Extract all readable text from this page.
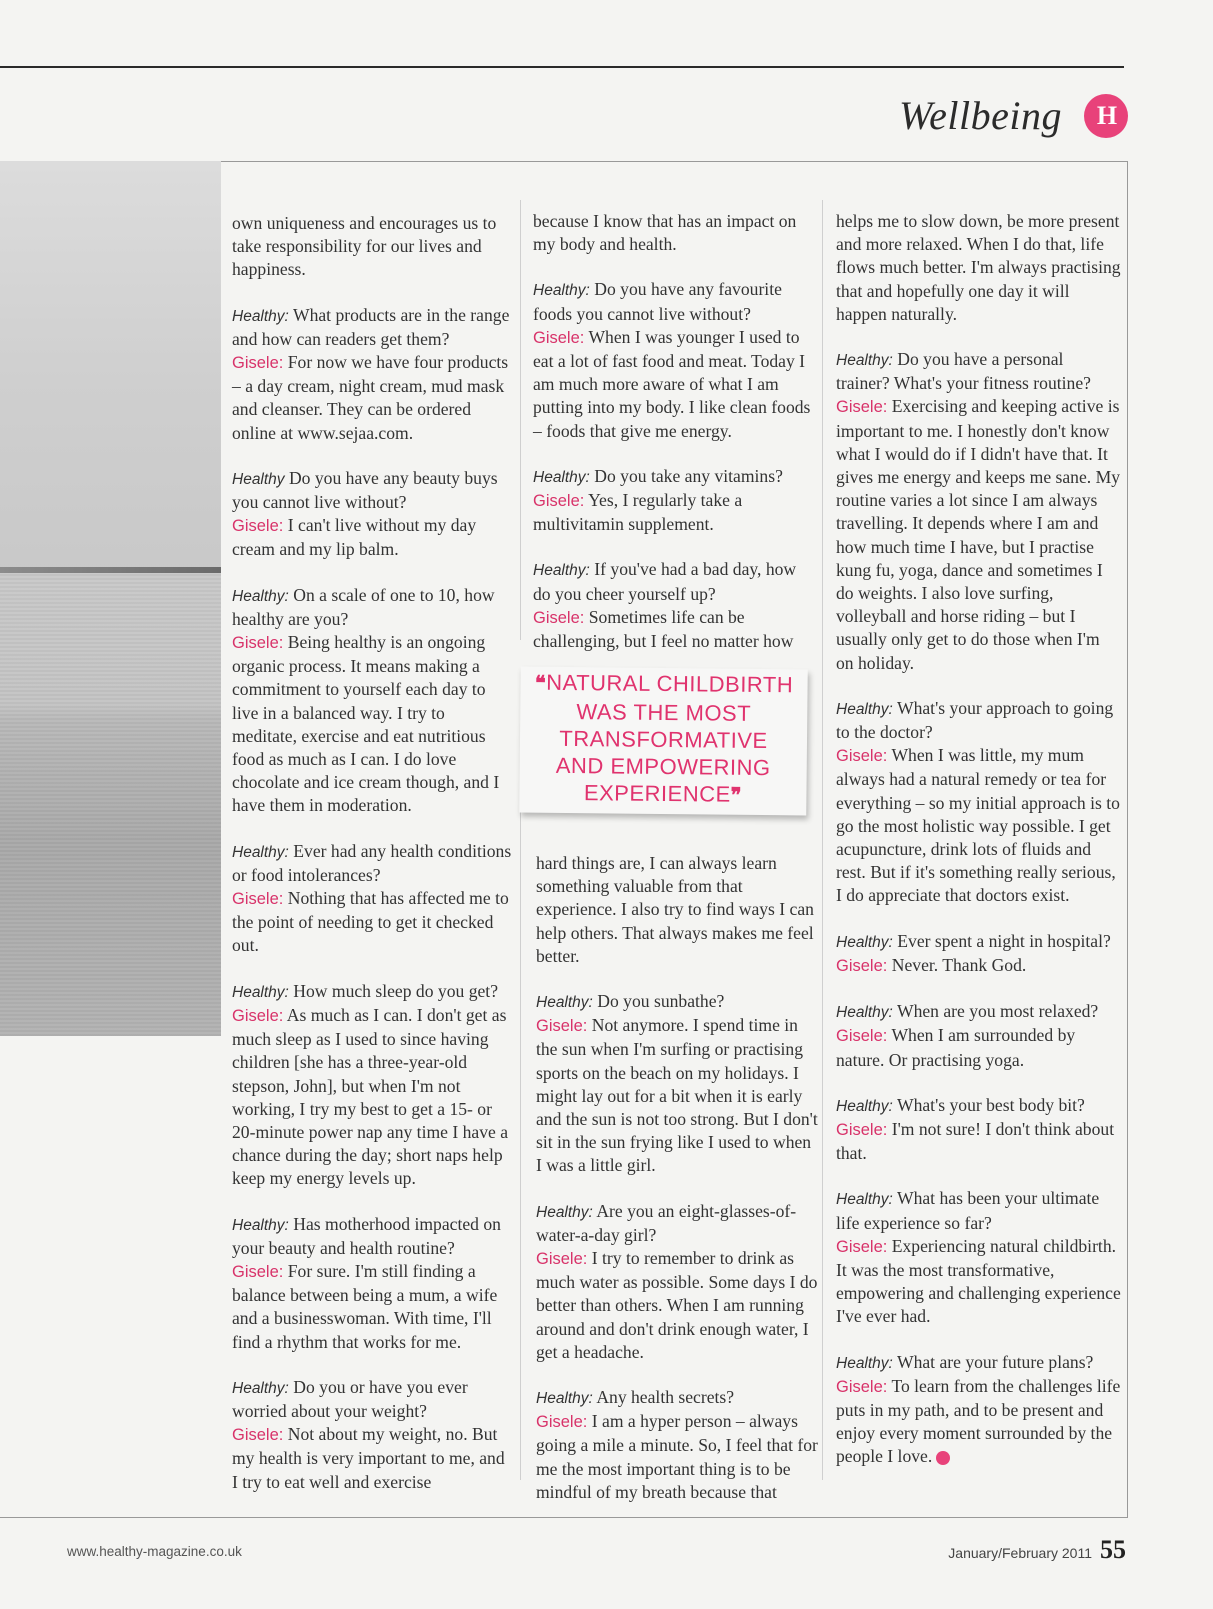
Wellbeing H

own uniqueness and encourages us to take responsibility for our lives and happiness.

Healthy: What products are in the range and how can readers get them?
Gisele: For now we have four products – a day cream, night cream, mud mask and cleanser. They can be ordered online at www.sejaa.com.

Healthy Do you have any beauty buys you cannot live without?
Gisele: I can't live without my day cream and my lip balm.

Healthy: On a scale of one to 10, how healthy are you?
Gisele: Being healthy is an ongoing organic process. It means making a commitment to yourself each day to live in a balanced way. I try to meditate, exercise and eat nutritious food as much as I can. I do love chocolate and ice cream though, and I have them in moderation.

Healthy: Ever had any health conditions or food intolerances?
Gisele: Nothing that has affected me to the point of needing to get it checked out.

Healthy: How much sleep do you get?
Gisele: As much as I can. I don't get as much sleep as I used to since having children [she has a three-year-old stepson, John], but when I'm not working, I try my best to get a 15- or 20-minute power nap any time I have a chance during the day; short naps help keep my energy levels up.

Healthy: Has motherhood impacted on your beauty and health routine?
Gisele: For sure. I'm still finding a balance between being a mum, a wife and a businesswoman. With time, I'll find a rhythm that works for me.

Healthy: Do you or have you ever worried about your weight?
Gisele: Not about my weight, no. But my health is very important to me, and I try to eat well and exercise

because I know that has an impact on my body and health.

Healthy: Do you have any favourite foods you cannot live without?
Gisele: When I was younger I used to eat a lot of fast food and meat. Today I am much more aware of what I am putting into my body. I like clean foods – foods that give me energy.

Healthy: Do you take any vitamins?
Gisele: Yes, I regularly take a multivitamin supplement.

Healthy: If you've had a bad day, how do you cheer yourself up?
Gisele: Sometimes life can be challenging, but I feel no matter how

❝NATURAL CHILDBIRTH
WAS THE MOST
TRANSFORMATIVE
AND EMPOWERING
EXPERIENCE❞

hard things are, I can always learn something valuable from that experience. I also try to find ways I can help others. That always makes me feel better.

Healthy: Do you sunbathe?
Gisele: Not anymore. I spend time in the sun when I'm surfing or practising sports on the beach on my holidays. I might lay out for a bit when it is early and the sun is not too strong. But I don't sit in the sun frying like I used to when I was a little girl.

Healthy: Are you an eight-glasses-of-water-a-day girl?
Gisele: I try to remember to drink as much water as possible. Some days I do better than others. When I am running around and don't drink enough water, I get a headache.

Healthy: Any health secrets?
Gisele: I am a hyper person – always going a mile a minute. So, I feel that for me the most important thing is to be mindful of my breath because that

helps me to slow down, be more present and more relaxed. When I do that, life flows much better. I'm always practising that and hopefully one day it will happen naturally.

Healthy: Do you have a personal trainer? What's your fitness routine?
Gisele: Exercising and keeping active is important to me. I honestly don't know what I would do if I didn't have that. It gives me energy and keeps me sane. My routine varies a lot since I am always travelling. It depends where I am and how much time I have, but I practise kung fu, yoga, dance and sometimes I do weights. I also love surfing, volleyball and horse riding – but I usually only get to do those when I'm on holiday.

Healthy: What's your approach to going to the doctor?
Gisele: When I was little, my mum always had a natural remedy or tea for everything – so my initial approach is to go the most holistic way possible. I get acupuncture, drink lots of fluids and rest. But if it's something really serious, I do appreciate that doctors exist.

Healthy: Ever spent a night in hospital?
Gisele: Never. Thank God.

Healthy: When are you most relaxed?
Gisele: When I am surrounded by nature. Or practising yoga.

Healthy: What's your best body bit?
Gisele: I'm not sure! I don't think about that.

Healthy: What has been your ultimate life experience so far?
Gisele: Experiencing natural childbirth. It was the most transformative, empowering and challenging experience I've ever had.

Healthy: What are your future plans?
Gisele: To learn from the challenges life puts in my path, and to be present and enjoy every moment surrounded by the people I love.

www.healthy-magazine.co.uk	January/February 2011 55
